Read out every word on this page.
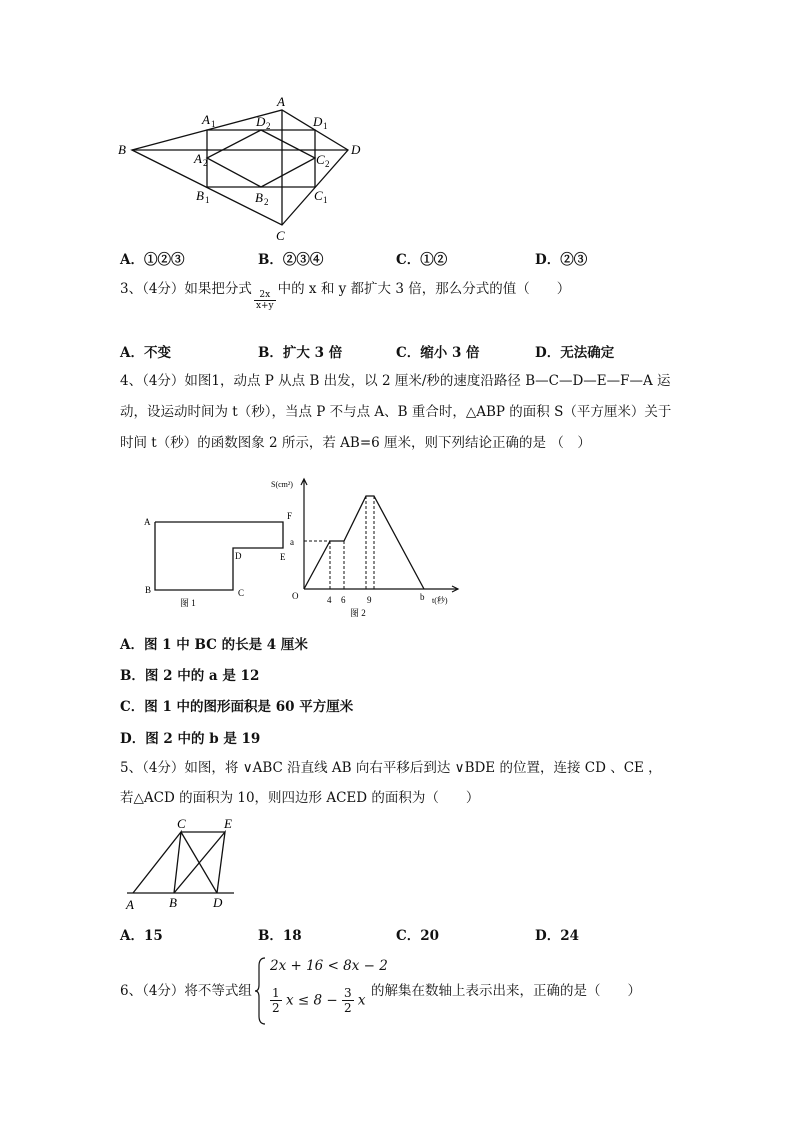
A
A 1	D 2	D 1
B	D
A 2	C 2
B 1	B 2	C 1
C
A．①②③	B．②③④	C．①②	D．②③
3、（4分）如果把分式
$\frac{2x}{x+y}$
中的 x 和 y 都扩大 3 倍，那么分式的值（　　）
A．不变	B．扩大 3 倍	C．缩小 3 倍	D．无法确定
4、（4分）如图1，动点 P 从点 B 出发，以 2 厘米/秒的速度沿路径 B—C—D—E—F—A 运
动，设运动时间为 t（秒），当点 P 不与点 A、B 重合时，△ABP 的面积 S（平方厘米）关于
时间 t（秒）的函数图象 2 所示，若 AB=6 厘米，则下列结论正确的是 （　）
A
F
D	E
B	C
图 1
S(cm²)
a
O	4 6 9	b t(秒)
图 2
A．图 1 中 BC 的长是 4 厘米
B．图 2 中的 a 是 12
C．图 1 中的图形面积是 60 平方厘米
D．图 2 中的 b 是 19
5、（4分）如图，将 ∨ABC 沿直线 AB 向右平移后到达 ∨BDE 的位置，连接 CD 、CE ，
若△ACD 的面积为 10，则四边形 ACED 的面积为（　　）
C	E
A	B	D
A．15	B．18	C．20	D．24
6、（4分）将不等式组
2x + 16 < 8x − 2
$\frac{1}{2}$ $x \le 8 - \frac{3}{2}$ x
的解集在数轴上表示出来，正确的是（　　）
